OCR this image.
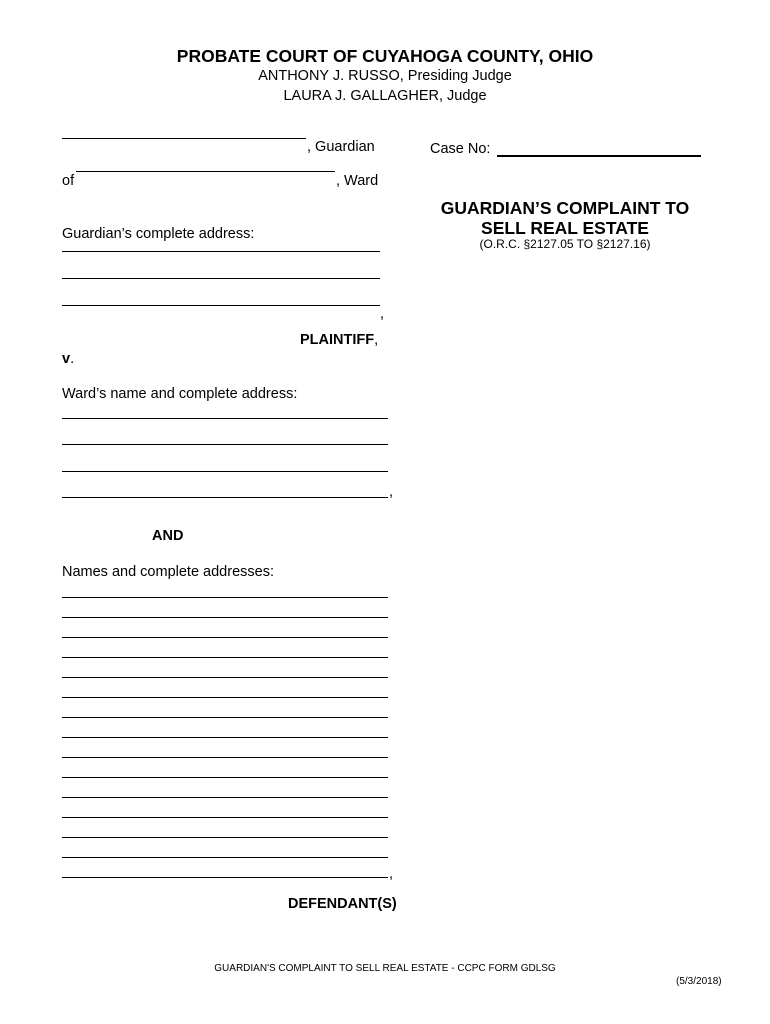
PROBATE COURT OF CUYAHOGA COUNTY, OHIO
ANTHONY J. RUSSO, Presiding Judge
LAURA J. GALLAGHER, Judge
, Guardian	Case No:
of	, Ward
GUARDIAN’S COMPLAINT TO
SELL REAL ESTATE
(O.R.C. §2127.05 TO §2127.16)
Guardian’s complete address:
,
PLAINTIFF,
v.
Ward’s name and complete address:
,
AND
Names and complete addresses:
,
DEFENDANT(S)
GUARDIAN'S COMPLAINT TO SELL REAL ESTATE - CCPC FORM GDLSG
(5/3/2018)
